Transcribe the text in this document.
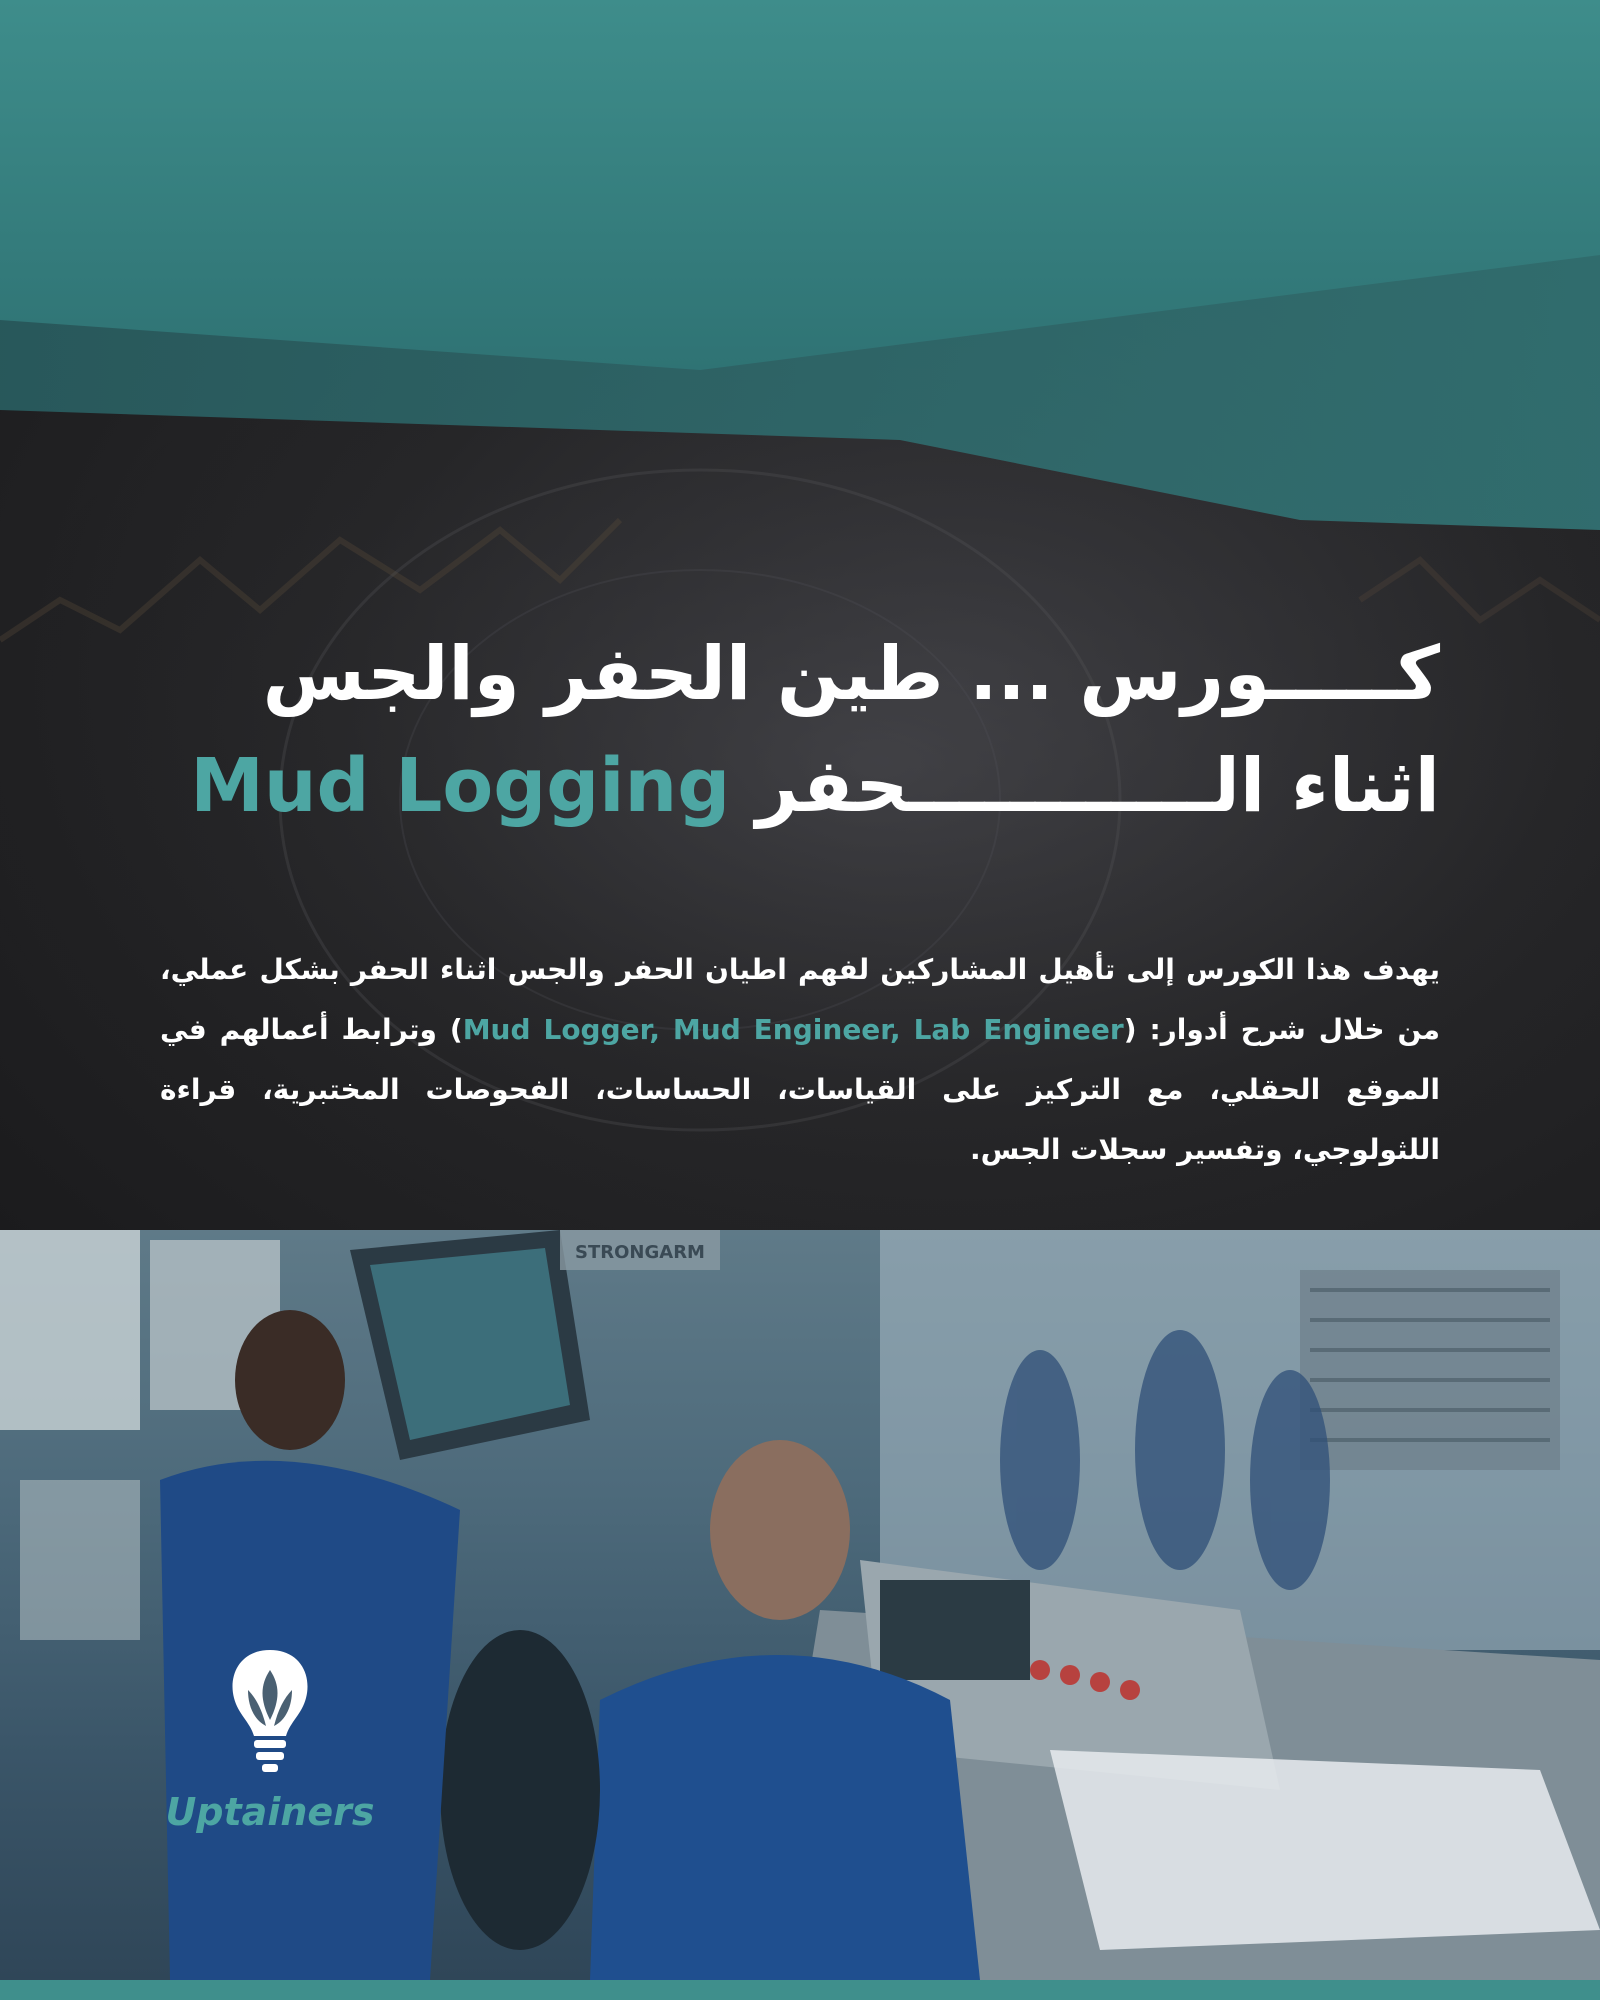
كـــــورس ... طين الحفر والجس
اثناء الــــــــــــحفر Mud Logging
يهدف هذا الكورس إلى تأهيل المشاركين لفهم اطيان الحفر والجس اثناء الحفر بشكل عملي، من خلال شرح أدوار: (Mud Logger, Mud Engineer, Lab Engineer) وترابط أعمالهم في الموقع الحقلي، مع التركيز على القياسات، الحساسات، الفحوصات المختبرية، قراءة اللثولوجي، وتفسير سجلات الجس.
STRONGARM
Uptainers
